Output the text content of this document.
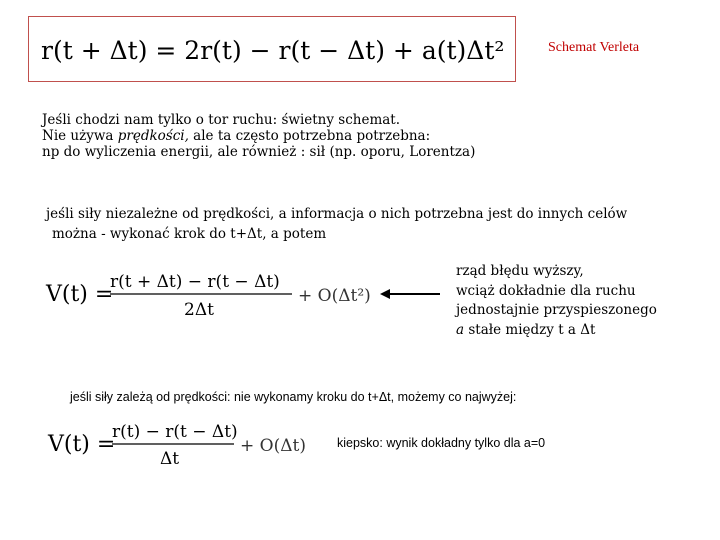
r(t + Δt) = 2r(t) − r(t − Δt) + a(t)Δt²	Schemat Verleta
Jeśli chodzi nam tylko o tor ruchu: świetny schemat.
Nie używa prędkości, ale ta często potrzebna potrzebna:
np do wyliczenia energii, ale również : sił (np. oporu, Lorentza)
jeśli siły niezależne od prędkości, a informacja o nich potrzebna jest do innych celów
można - wykonać krok do t+Δt, a potem
V(t) =
r(t + Δt) − r(t − Δt)
2Δt
+ O(Δt²)
rząd błędu wyższy,
wciąż dokładnie dla ruchu
jednostajnie przyspieszonego
a stałe między t a Δt
jeśli siły zależą od prędkości: nie wykonamy kroku do t+Δt, możemy co najwyżej:
V(t) =
r(t) − r(t − Δt)
Δt
+ O(Δt) kiepsko: wynik dokładny tylko dla a=0
